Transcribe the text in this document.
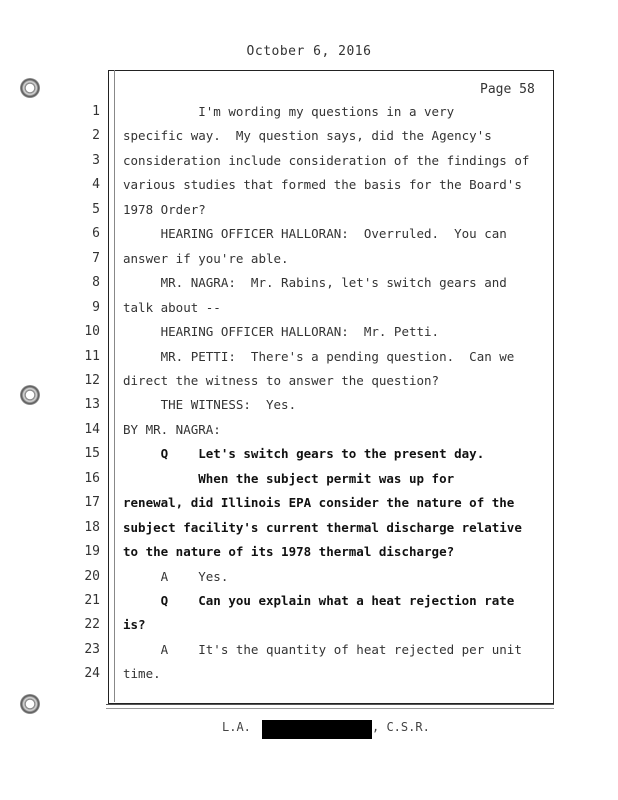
October 6, 2016
Page 58
1 I'm wording my questions in a very
2 specific way.  My question says, did the Agency's
3 consideration include consideration of the findings of
4 various studies that formed the basis for the Board's
5 1978 Order?
6 HEARING OFFICER HALLORAN:  Overruled.  You can
7 answer if you're able.
8 MR. NAGRA:  Mr. Rabins, let's switch gears and
9 talk about --
10 HEARING OFFICER HALLORAN:  Mr. Petti.
11 MR. PETTI:  There's a pending question.  Can we
12 direct the witness to answer the question?
13 THE WITNESS:  Yes.
14 BY MR. NAGRA:
15 Q    Let's switch gears to the present day.
16 When the subject permit was up for
17 renewal, did Illinois EPA consider the nature of the
18 subject facility's current thermal discharge relative
19 to the nature of its 1978 thermal discharge?
20 A    Yes.
21 Q    Can you explain what a heat rejection rate
22 is?
23 A    It's the quantity of heat rejected per unit
24 time.
L.A.	, C.S.R.
